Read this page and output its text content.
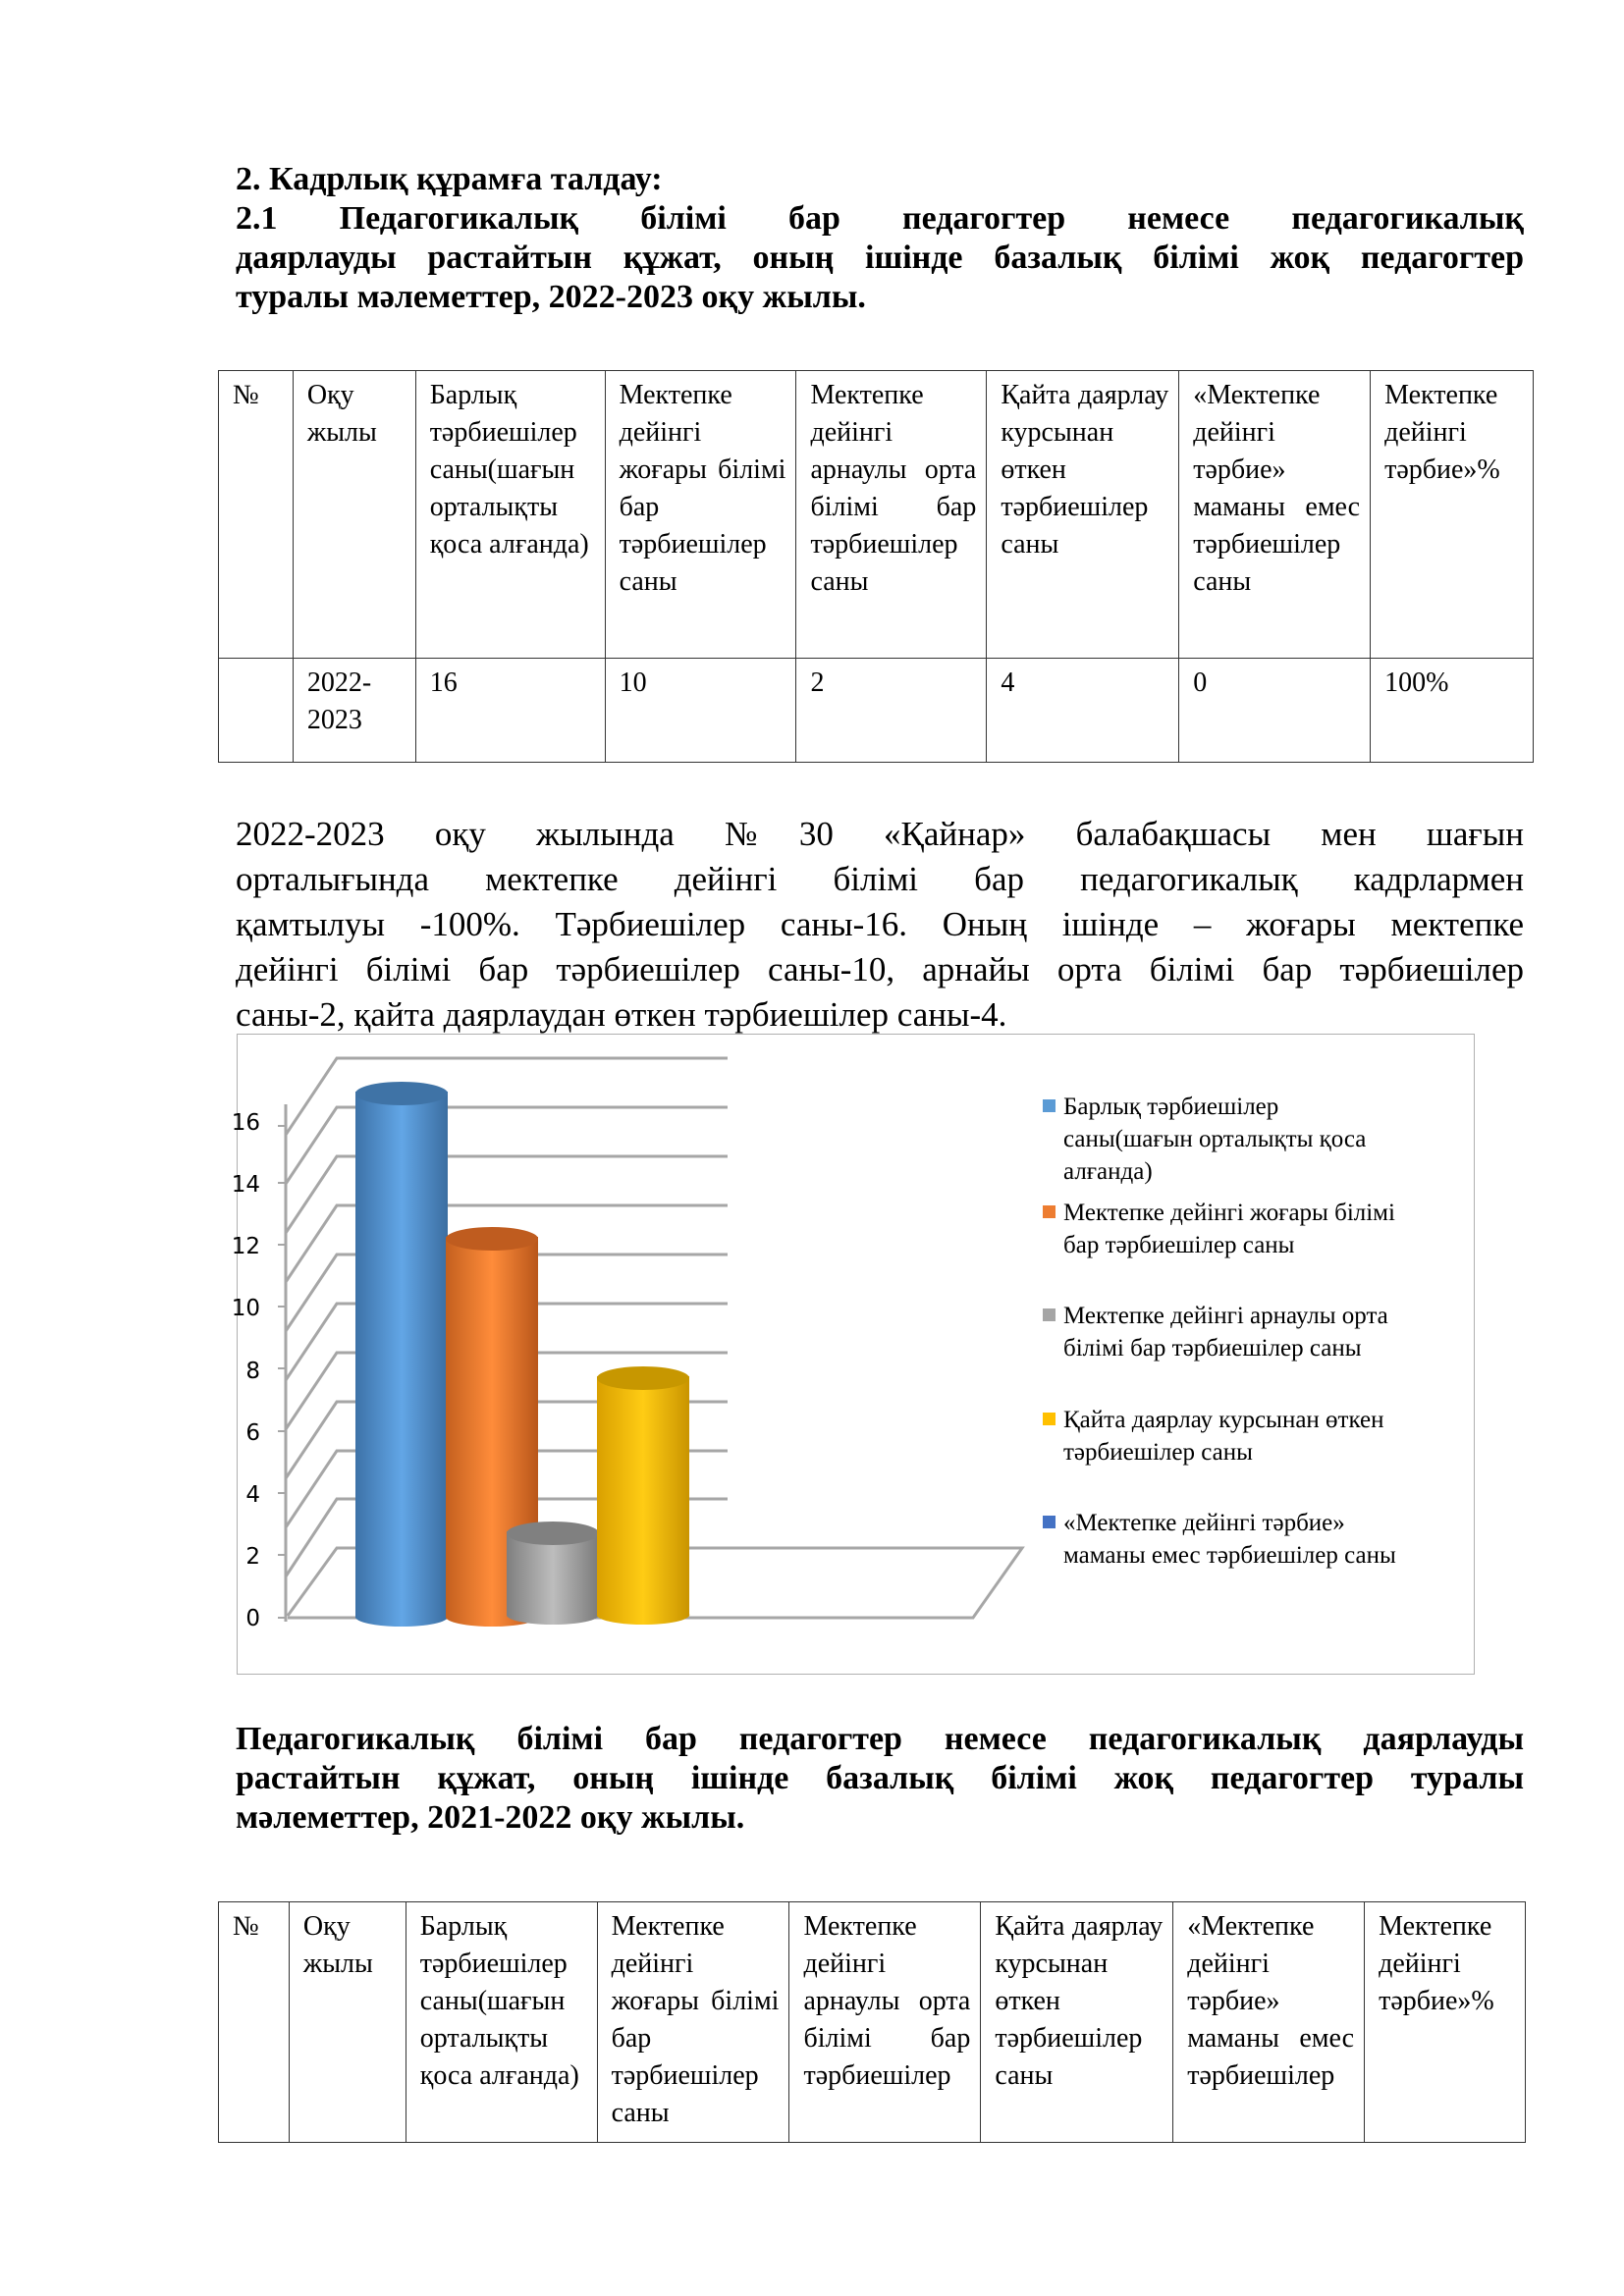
2. Кадрлық құрамға талдау:
2.1 Педагогикалық білімі бар педагогтер немесе педагогикалық
даярлауды растайтын құжат, оның ішінде базалық білімі жоқ педагогтер
туралы мәлеметтер, 2022-2023 оқу жылы.
№	Оқу жылы	Барлық тәрбиешілер саны(шағын орталықты қоса алғанда)	Мектепке дейінгі жоғары білімі бар тәрбиешілер саны	Мектепке дейінгі арнаулы орта білімі бар тәрбиешілер саны	Қайта даярлау курсынан өткен тәрбиешілер саны	«Мектепке дейінгі тәрбие» маманы емес тәрбиешілер саны	Мектепке дейінгі тәрбие»%
	2022-2023	16	10	2	4	0	100%
2022-2023 оқу жылында №30 «Қайнар» балабақшасы мен шағын
орталығында мектепке дейінгі білімі бар педагогикалық кадрлармен
қамтылуы -100%. Тәрбиешілер саны-16. Оның ішінде – жоғары мектепке
дейінгі білімі бар тәрбиешілер саны-10, арнайы орта білімі бар тәрбиешілер
саны-2, қайта даярлаудан өткен тәрбиешілер саны-4.
0
2
4
6
8
10
12
14
16
Барлық тәрбиешілер
саны(шағын орталықты қоса
алғанда)
Мектепке дейінгі жоғары білімі
бар тәрбиешілер саны
Мектепке дейінгі арнаулы орта
білімі бар тәрбиешілер саны
Қайта даярлау курсынан өткен
тәрбиешілер саны
«Мектепке дейінгі тәрбие»
маманы емес тәрбиешілер саны
Педагогикалық білімі бар педагогтер немесе педагогикалық даярлауды
растайтын құжат, оның ішінде базалық білімі жоқ педагогтер туралы
мәлеметтер, 2021-2022 оқу жылы.
№	Оқу жылы	Барлық тәрбиешілер саны(шағын орталықты қоса алғанда)	Мектепке дейінгі жоғары білімі бар тәрбиешілер саны	Мектепке дейінгі арнаулы орта білімі бар тәрбиешілер	Қайта даярлау курсынан өткен тәрбиешілер саны	«Мектепке дейінгі тәрбие» маманы емес тәрбиешілер	Мектепке дейінгі тәрбие»%
